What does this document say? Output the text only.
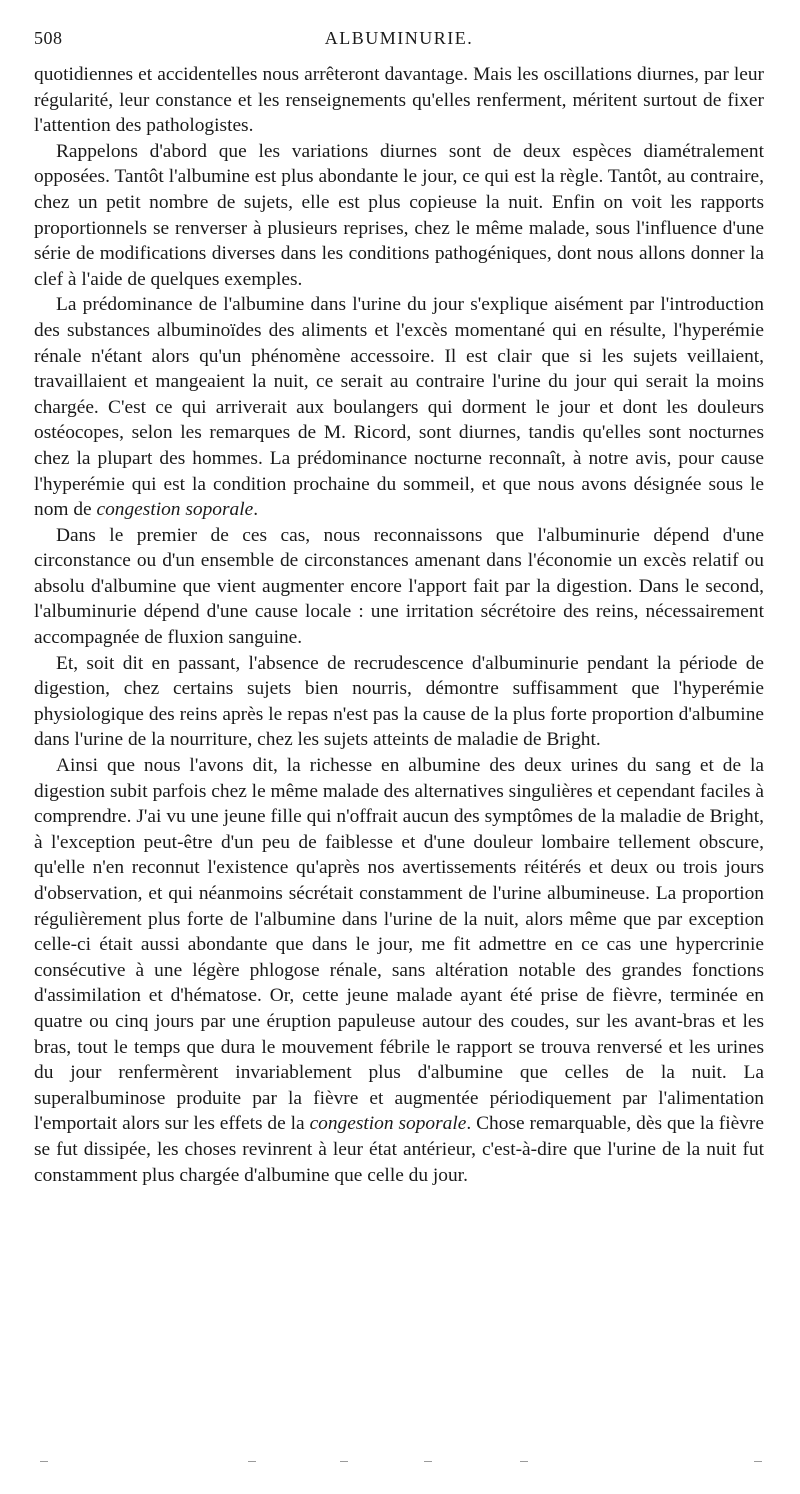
508	ALBUMINURIE.

quotidiennes et accidentelles nous arrêteront davantage. Mais les oscillations diurnes, par leur régularité, leur constance et les renseignements qu'elles renferment, méritent surtout de fixer l'attention des pathologistes.

Rappelons d'abord que les variations diurnes sont de deux espèces diamétralement opposées. Tantôt l'albumine est plus abondante le jour, ce qui est la règle. Tantôt, au contraire, chez un petit nombre de sujets, elle est plus copieuse la nuit. Enfin on voit les rapports proportionnels se renverser à plusieurs reprises, chez le même malade, sous l'influence d'une série de modifications diverses dans les conditions pathogéniques, dont nous allons donner la clef à l'aide de quelques exemples.

La prédominance de l'albumine dans l'urine du jour s'explique aisément par l'introduction des substances albuminoïdes des aliments et l'excès momentané qui en résulte, l'hyperémie rénale n'étant alors qu'un phénomène accessoire. Il est clair que si les sujets veillaient, travaillaient et mangeaient la nuit, ce serait au contraire l'urine du jour qui serait la moins chargée. C'est ce qui arriverait aux boulangers qui dorment le jour et dont les douleurs ostéocopes, selon les remarques de M. Ricord, sont diurnes, tandis qu'elles sont nocturnes chez la plupart des hommes. La prédominance nocturne reconnaît, à notre avis, pour cause l'hyperémie qui est la condition prochaine du sommeil, et que nous avons désignée sous le nom de congestion soporale.

Dans le premier de ces cas, nous reconnaissons que l'albuminurie dépend d'une circonstance ou d'un ensemble de circonstances amenant dans l'économie un excès relatif ou absolu d'albumine que vient augmenter encore l'apport fait par la digestion. Dans le second, l'albuminurie dépend d'une cause locale : une irritation sécrétoire des reins, nécessairement accompagnée de fluxion sanguine.

Et, soit dit en passant, l'absence de recrudescence d'albuminurie pendant la période de digestion, chez certains sujets bien nourris, démontre suffisamment que l'hyperémie physiologique des reins après le repas n'est pas la cause de la plus forte proportion d'albumine dans l'urine de la nourriture, chez les sujets atteints de maladie de Bright.

Ainsi que nous l'avons dit, la richesse en albumine des deux urines du sang et de la digestion subit parfois chez le même malade des alternatives singulières et cependant faciles à comprendre. J'ai vu une jeune fille qui n'offrait aucun des symptômes de la maladie de Bright, à l'exception peut-être d'un peu de faiblesse et d'une douleur lombaire tellement obscure, qu'elle n'en reconnut l'existence qu'après nos avertissements réitérés et deux ou trois jours d'observation, et qui néanmoins sécrétait constamment de l'urine albumineuse. La proportion régulièrement plus forte de l'albumine dans l'urine de la nuit, alors même que par exception celle-ci était aussi abondante que dans le jour, me fit admettre en ce cas une hypercrinie consécutive à une légère phlogose rénale, sans altération notable des grandes fonctions d'assimilation et d'hématose. Or, cette jeune malade ayant été prise de fièvre, terminée en quatre ou cinq jours par une éruption papuleuse autour des coudes, sur les avant-bras et les bras, tout le temps que dura le mouvement fébrile le rapport se trouva renversé et les urines du jour renfermèrent invariablement plus d'albumine que celles de la nuit. La superalbuminose produite par la fièvre et augmentée périodiquement par l'alimentation l'emportait alors sur les effets de la congestion soporale. Chose remarquable, dès que la fièvre se fut dissipée, les choses revinrent à leur état antérieur, c'est-à-dire que l'urine de la nuit fut constamment plus chargée d'albumine que celle du jour.
